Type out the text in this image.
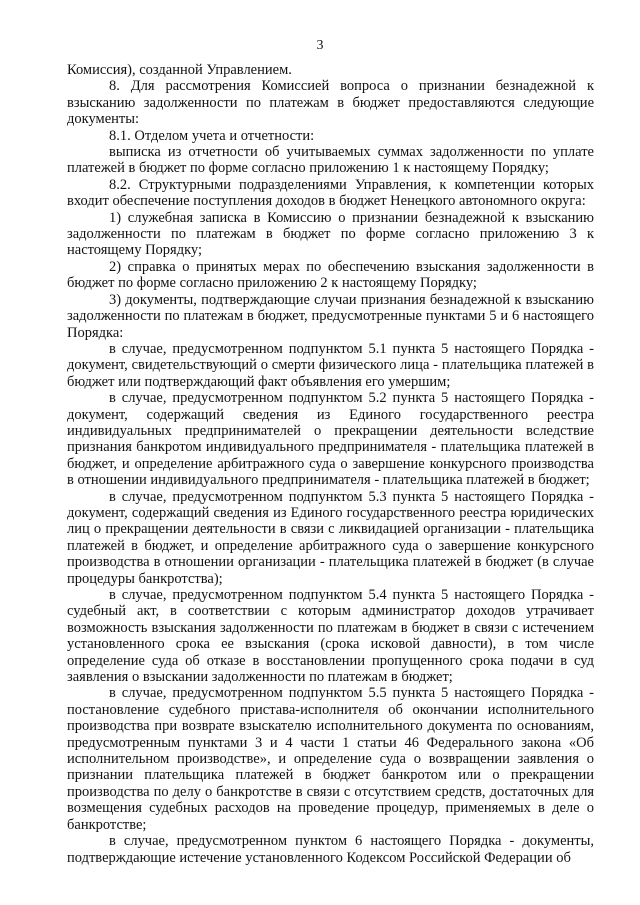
3

Комиссия), созданной Управлением.

8. Для рассмотрения Комиссией вопроса о признании безнадежной к взысканию задолженности по платежам в бюджет предоставляются следующие документы:

8.1. Отделом учета и отчетности:

выписка из отчетности об учитываемых суммах задолженности по уплате платежей в бюджет по форме согласно приложению 1 к настоящему Порядку;

8.2. Структурными подразделениями Управления, к компетенции которых входит обеспечение поступления доходов в бюджет Ненецкого автономного округа:

1) служебная записка в Комиссию о признании безнадежной к взысканию задолженности по платежам в бюджет по форме согласно приложению 3 к настоящему Порядку;

2) справка о принятых мерах по обеспечению взыскания задолженности в бюджет по форме согласно приложению 2 к настоящему Порядку;

3) документы, подтверждающие случаи признания безнадежной к взысканию задолженности по платежам в бюджет, предусмотренные пунктами 5 и 6 настоящего Порядка:

в случае, предусмотренном подпунктом 5.1 пункта 5 настоящего Порядка - документ, свидетельствующий о смерти физического лица - плательщика платежей в бюджет или подтверждающий факт объявления его умершим;

в случае, предусмотренном подпунктом 5.2 пункта 5 настоящего Порядка - документ, содержащий сведения из Единого государственного реестра индивидуальных предпринимателей о прекращении деятельности вследствие признания банкротом индивидуального предпринимателя - плательщика платежей в бюджет, и определение арбитражного суда о завершение конкурсного производства в отношении индивидуального предпринимателя - плательщика платежей в бюджет;

в случае, предусмотренном подпунктом 5.3 пункта 5 настоящего Порядка - документ, содержащий сведения из Единого государственного реестра юридических лиц о прекращении деятельности в связи с ликвидацией организации - плательщика платежей в бюджет, и определение арбитражного суда о завершение конкурсного производства в отношении организации - плательщика платежей в бюджет (в случае процедуры банкротства);

в случае, предусмотренном подпунктом 5.4 пункта 5 настоящего Порядка - судебный акт, в соответствии с которым администратор доходов утрачивает возможность взыскания задолженности по платежам в бюджет в связи с истечением установленного срока ее взыскания (срока исковой давности), в том числе определение суда об отказе в восстановлении пропущенного срока подачи в суд заявления о взыскании задолженности по платежам в бюджет;

в случае, предусмотренном подпунктом 5.5 пункта 5 настоящего Порядка - постановление судебного пристава-исполнителя об окончании исполнительного производства при возврате взыскателю исполнительного документа по основаниям, предусмотренным пунктами 3 и 4 части 1 статьи 46 Федерального закона «Об исполнительном производстве», и определение суда о возвращении заявления о признании плательщика платежей в бюджет банкротом или о прекращении производства по делу о банкротстве в связи с отсутствием средств, достаточных для возмещения судебных расходов на проведение процедур, применяемых в деле о банкротстве;

в случае, предусмотренном пунктом 6 настоящего Порядка - документы, подтверждающие истечение установленного Кодексом Российской Федерации об
